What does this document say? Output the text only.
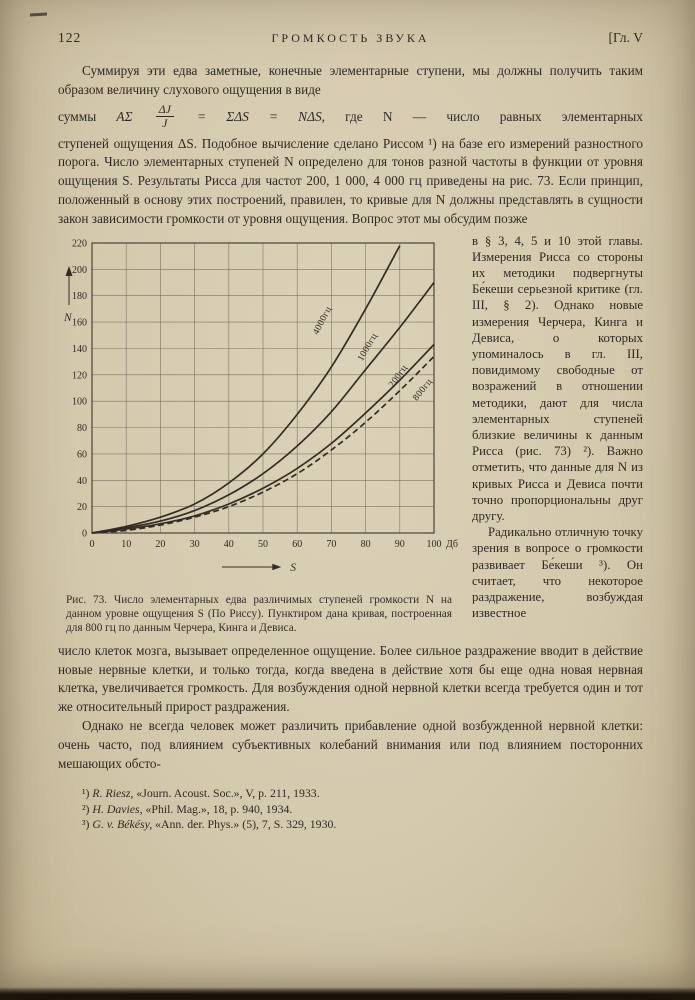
122	ГРОМКОСТЬ ЗВУКА	[Гл. V

Суммируя эти едва заметные, конечные элементарные ступени, мы должны получить таким образом величину слухового ощущения в виде

суммы AΣ $\frac{\Delta J}{J} = \Sigma\Delta S = N\Delta S$, где N — число равных элементарных

ступеней ощущения ΔS. Подобное вычисление сделано Риссом ¹) на базе его измерений разностного порога. Число элементарных ступеней N определено для тонов разной частоты в функции от уровня ощущения S. Результаты Рисса для частот 200, 1 000, 4 000 гц приведены на рис. 73. Если принцип, положенный в основу этих построений, правилен, то кривые для N должны представлять в сущности закон зависимости громкости от уровня ощущения. Вопрос этот мы обсудим позже

0
20
40
60
80
100
120
140
160
180
200
220
0	10 20 30 40 50 60 70 80 90 100 Дб
N	4000гц
1000гц
200гц
800гц
S
Рис. 73. Число элементарных едва различимых ступеней громкости N на данном уровне ощущения S (По Риссу). Пунктиром дана кривая, построенная для 800 гц по данным Черчера, Кинга и Девиса.

в § 3, 4, 5 и 10 этой главы. Измерения Рисса со стороны их методики подвергнуты Бе́кеши серьезной критике (гл. III, § 2). Однако новые измерения Черчера, Кинга и Девиса, о которых упоминалось в гл. III, повидимому свободные от возражений в отношении методики, дают для числа элементарных ступеней близкие величины к данным Рисса (рис. 73) ²). Важно отметить, что данные для N из кривых Рисса и Девиса почти точно пропорциональны друг другу.

Радикально отличную точку зрения в вопросе о громкости развивает Бе́кеши ³). Он считает, что некоторое раздражение, возбуждая известное

число клеток мозга, вызывает определенное ощущение. Более сильное раздражение вводит в действие новые нервные клетки, и только тогда, когда введена в действие хотя бы еще одна новая нервная клетка, увеличивается громкость. Для возбуждения одной нервной клетки всегда требуется один и тот же относительный прирост раздражения.

Однако не всегда человек может различить прибавление одной возбужденной нервной клетки: очень часто, под влиянием субъективных колебаний внимания или под влиянием посторонних мешающих обсто-

¹) R. Riesz, «Journ. Acoust. Soc.», V, p. 211, 1933.

²) H. Davies, «Phil. Mag.», 18, p. 940, 1934.

³) G. v. Békésy, «Ann. der. Phys.» (5), 7, S. 329, 1930.
